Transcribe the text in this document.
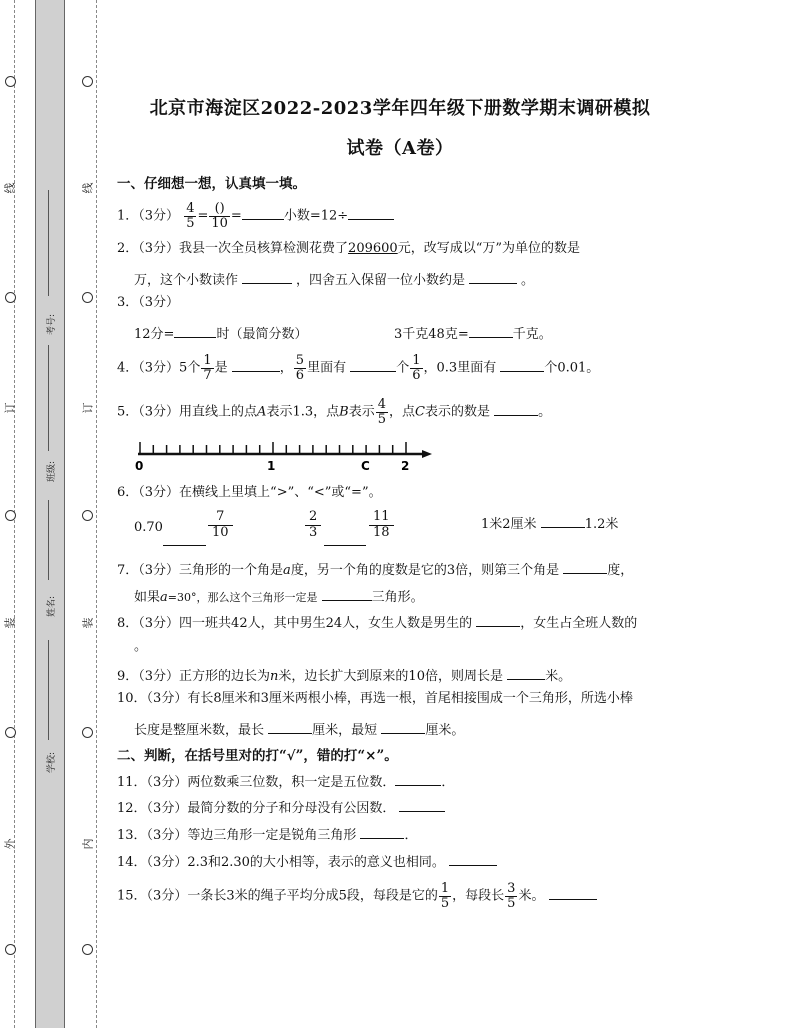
线
订
装
外
线
订
装
内
考号:
班级:
姓名:
学校:
北京市海淀区2022-2023学年四年级下册数学期末调研模拟
试卷（A卷）
一、仔细想一想，认真填一填。
1．（3分） $\frac{4}{5} = \frac{()}{10}$ =	小数=12÷
2．（3分）我县一次全员核算检测花费了209600元，改写成以“万”为单位的数是
万，这个小数读作	，四舍五入保留一位小数约是	。
3．（3分）
12分=	时（最简分数）	3千克48克=	千克。
4．（3分）5个 $\frac{1}{7}$ 是	， $\frac{5}{6}$ 里面有	个 $\frac{1}{6}$ ，0.3里面有	个0.01。
5．（3分）用直线上的点A表示1.3，点B表示 $\frac{4}{5}$ ，点C表示的数是	。
0	1	C	2
6．（3分）在横线上里填上“>”、“<”或“=”。
0.70	$\frac{7}{10}$	$\frac{2}{3}$	$\frac{11}{18}$	1米2厘米	1.2米
7．（3分）三角形的一个角是a度，另一个角的度数是它的3倍，则第三个角是	度，
如果a=30°，那么这个三角形一定是	三角形。
8．（3分）四一班共42人，其中男生24人，女生人数是男生的	，女生占全班人数的
。
9．（3分）正方形的边长为n米，边长扩大到原来的10倍，则周长是	米。
10．（3分）有长8厘米和3厘米两根小棒，再选一根，首尾相接围成一个三角形，所选小棒
长度是整厘米数，最长	厘米，最短	厘米。
二、判断，在括号里对的打“√”，错的打“×”。
11．（3分）两位数乘三位数，积一定是五位数．	．
12．（3分）最简分数的分子和分母没有公因数．
13．（3分）等边三角形一定是锐角三角形	．
14．（3分）2.3和2.30的大小相等，表示的意义也相同。
15．（3分）一条长3米的绳子平均分成5段，每段是它的 $\frac{1}{5}$ ，每段长 $\frac{3}{5}$ 米。
